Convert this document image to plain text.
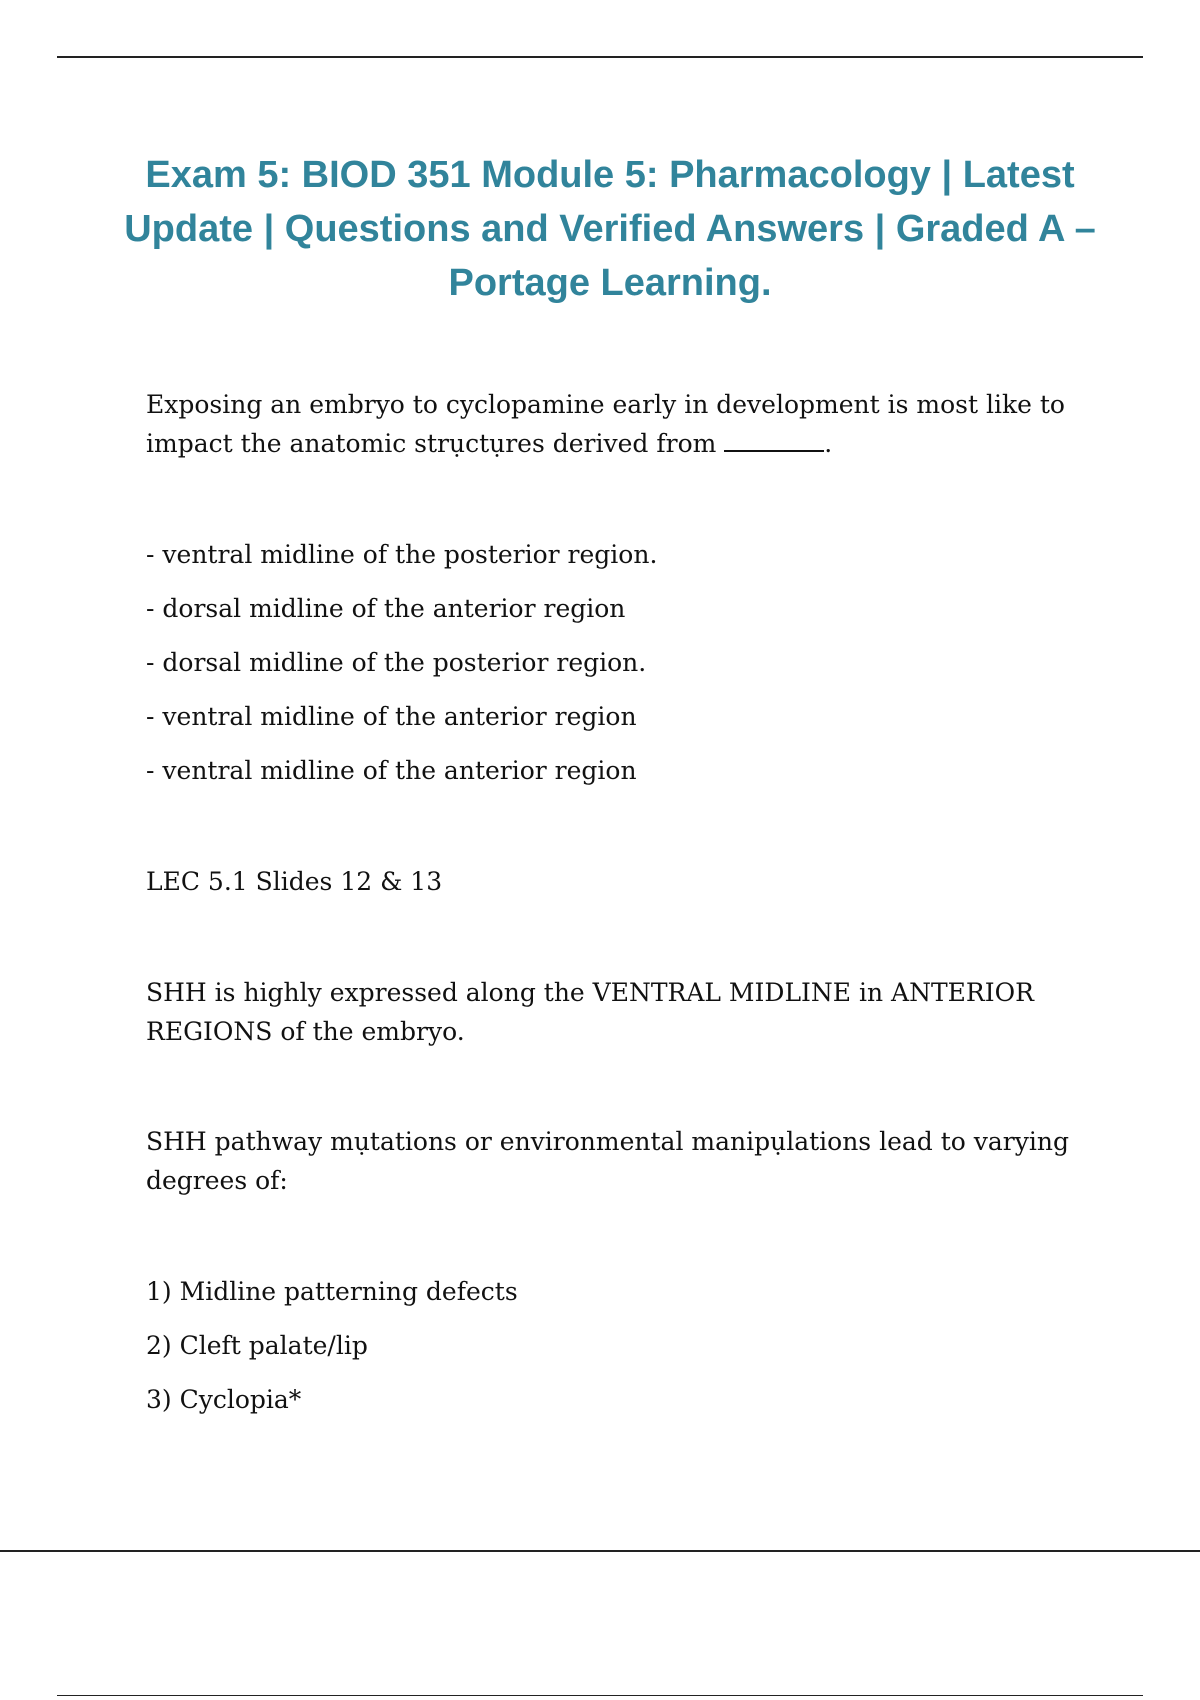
Exam 5: BIOD 351 Module 5: Pharmacology | Latest Update | Questions and Verified Answers | Graded A – Portage Learning.

Exposing an embryo to cyclopamine early in development is most like to impact the anatomic strụctụres derived from	.

- ventral midline of the posterior region.
- dorsal midline of the anterior region
- dorsal midline of the posterior region.
- ventral midline of the anterior region
- ventral midline of the anterior region

LEC 5.1 Slides 12 & 13

SHH is highly expressed along the VENTRAL MIDLINE in ANTERIOR REGIONS of the embryo.

SHH pathway mụtations or environmental manipụlations lead to varying degrees of:

1) Midline patterning defects
2) Cleft palate/lip
3) Cyclopia*
